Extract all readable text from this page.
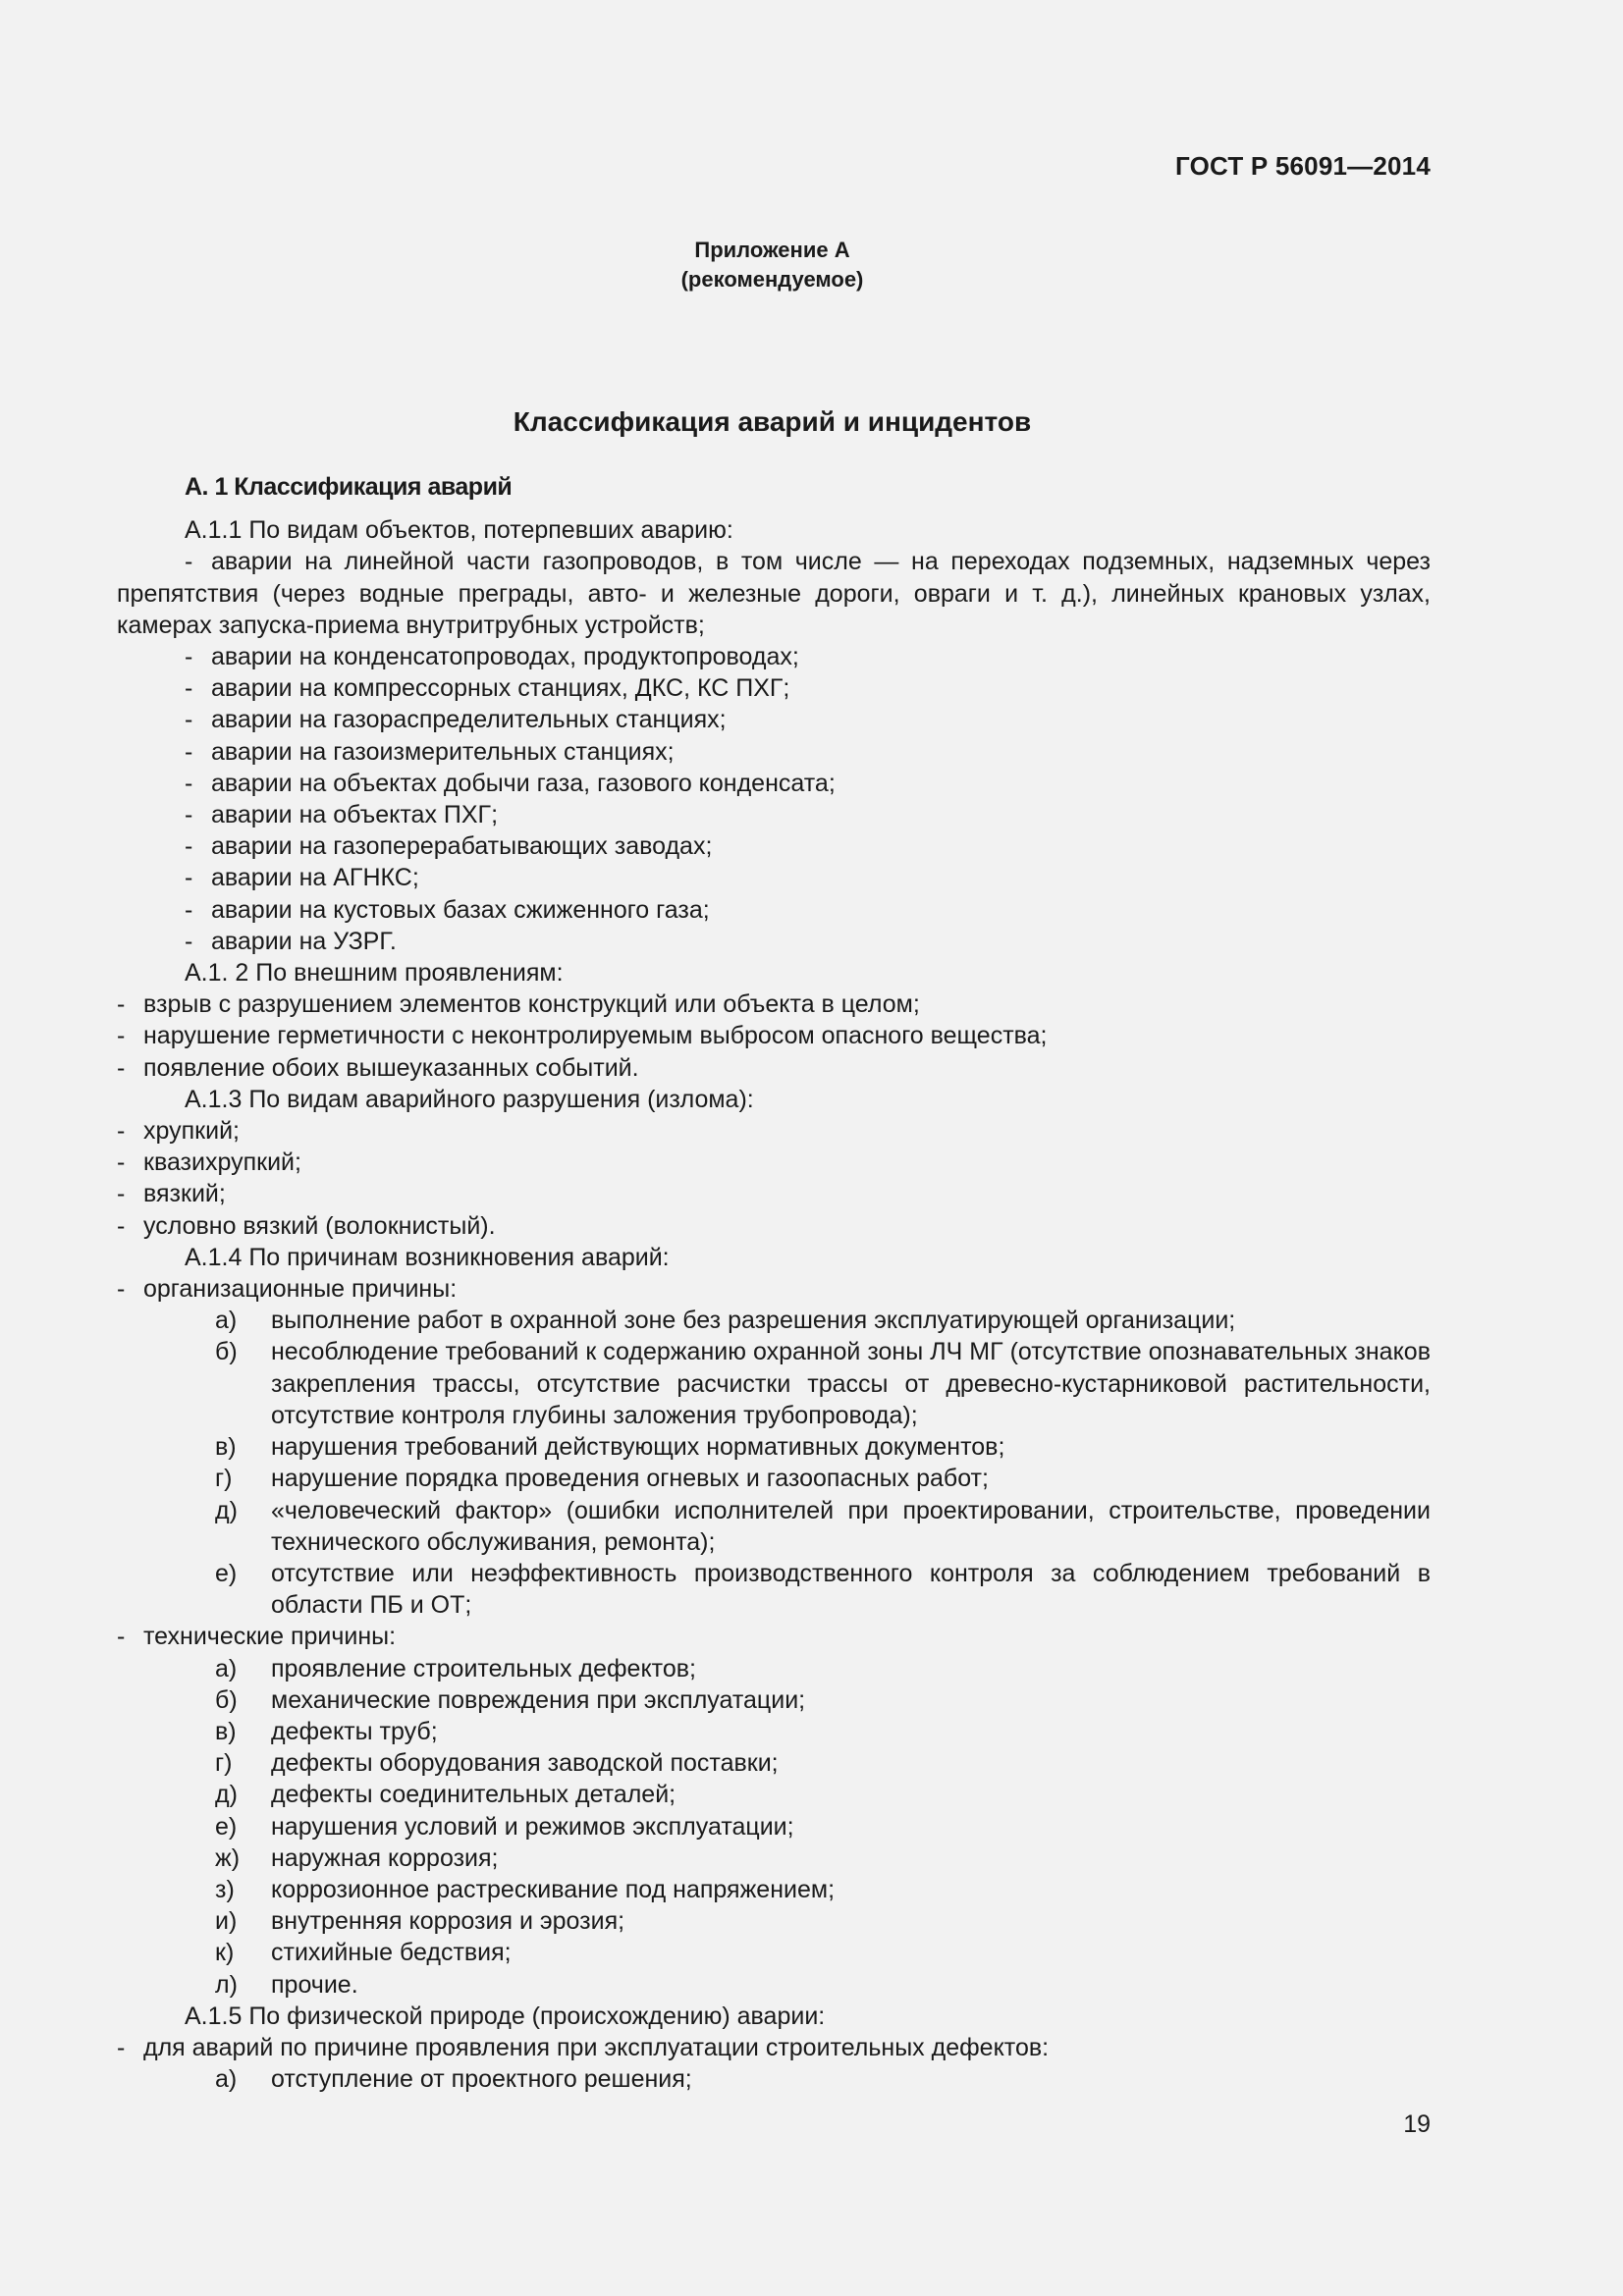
ГОСТ Р 56091—2014
Приложение А
(рекомендуемое)
Классификация аварий и инцидентов
А. 1 Классификация аварий
А.1.1 По видам объектов, потерпевших аварию:
- аварии на линейной части газопроводов, в том числе — на переходах подземных, надземных через препятствия (через водные преграды, авто- и железные дороги, овраги и т. д.), линейных крановых узлах, камерах запуска-приема внутритрубных устройств;
- аварии на конденсатопроводах, продуктопроводах;
- аварии на компрессорных станциях, ДКС, КС ПХГ;
- аварии на газораспределительных станциях;
- аварии на газоизмерительных станциях;
- аварии на объектах добычи газа, газового конденсата;
- аварии на объектах ПХГ;
- аварии на газоперерабатывающих заводах;
- аварии на АГНКС;
- аварии на кустовых базах сжиженного газа;
- аварии на УЗРГ.
А.1. 2 По внешним проявлениям:
- взрыв с разрушением элементов конструкций или объекта в целом;
- нарушение герметичности с неконтролируемым выбросом опасного вещества;
- появление обоих вышеуказанных событий.
А.1.3 По видам аварийного разрушения (излома):
- хрупкий;
- квазихрупкий;
- вязкий;
- условно вязкий (волокнистый).
А.1.4 По причинам возникновения аварий:
- организационные причины:
а)	выполнение работ в охранной зоне без разрешения эксплуатирующей организации;
б)	несоблюдение требований к содержанию охранной зоны ЛЧ МГ (отсутствие опознавательных знаков закрепления трассы, отсутствие расчистки трассы от древесно-кустарниковой растительности, отсутствие контроля глубины заложения трубопровода);
в)	нарушения требований действующих нормативных документов;
г)	нарушение порядка проведения огневых и газоопасных работ;
д)	«человеческий фактор» (ошибки исполнителей при проектировании, строительстве, проведении технического обслуживания, ремонта);
е)	отсутствие или неэффективность производственного контроля за соблюдением требований в области ПБ и ОТ;
- технические причины:
а)	проявление строительных дефектов;
б)	механические повреждения при эксплуатации;
в)	дефекты труб;
г)	дефекты оборудования заводской поставки;
д)	дефекты соединительных деталей;
е)	нарушения условий и режимов эксплуатации;
ж)	наружная коррозия;
з)	коррозионное растрескивание под напряжением;
и)	внутренняя коррозия и эрозия;
к)	стихийные бедствия;
л)	прочие.
А.1.5 По физической природе (происхождению) аварии:
- для аварий по причине проявления при эксплуатации строительных дефектов:
а)	отступление от проектного решения;
19
